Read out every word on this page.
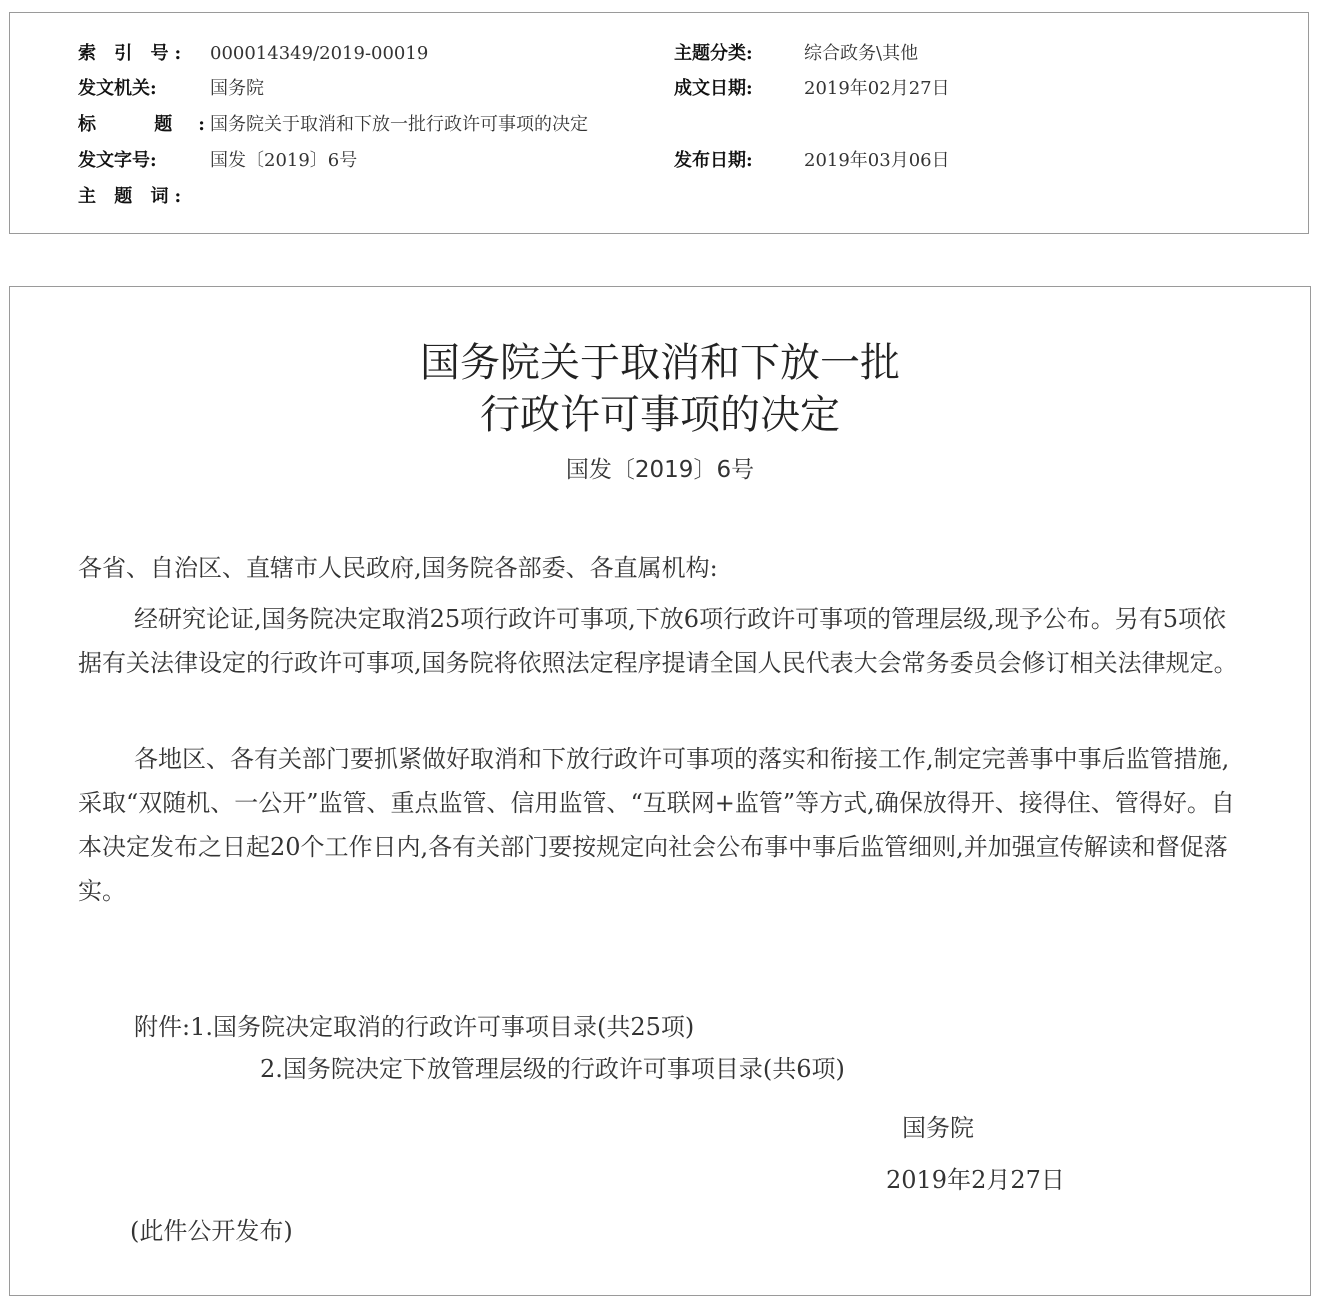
索 引 号: 000014349/2019-00019	主题分类:	综合政务\其他
发文机关:	国务院	成文日期:	2019年02月27日
标 题:
国务院关于取消和下放一批行政许可事项的决定
发文字号:	国发〔2019〕6号	发布日期:	2019年03月06日
主 题 词:
国务院关于取消和下放一批
行政许可事项的决定
国发〔2019〕6号

各省、自治区、直辖市人民政府,国务院各部委、各直属机构:

经研究论证,国务院决定取消25项行政许可事项,下放6项行政许可事项的管理层级,现予公布。另有5项依据有关法律设定的行政许可事项,国务院将依照法定程序提请全国人民代表大会常务委员会修订相关法律规定。

各地区、各有关部门要抓紧做好取消和下放行政许可事项的落实和衔接工作,制定完善事中事后监管措施,采取“双随机、一公开”监管、重点监管、信用监管、“互联网+监管”等方式,确保放得开、接得住、管得好。自本决定发布之日起20个工作日内,各有关部门要按规定向社会公布事中事后监管细则,并加强宣传解读和督促落实。

附件:1.国务院决定取消的行政许可事项目录(共25项)
2.国务院决定下放管理层级的行政许可事项目录(共6项)
国务院
2019年2月27日
(此件公开发布)
